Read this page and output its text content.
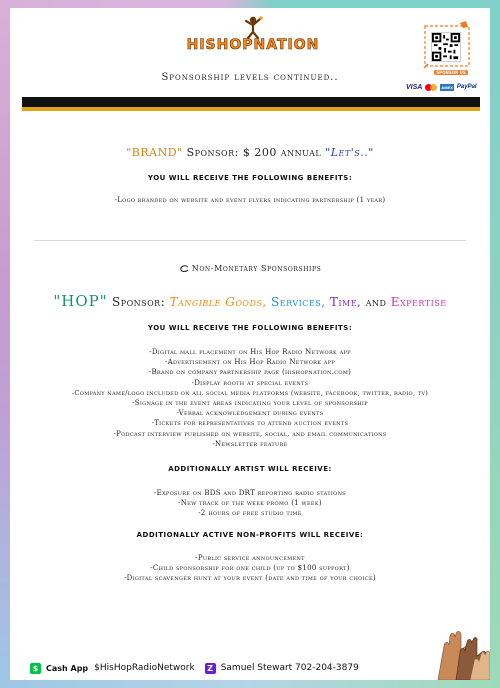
HISHOPNATION
Sponsorship levels continued..	SPONSOR US
VISA	AMEX PayPal
"BRAND" Sponsor: $ 200 annual "Let's.."
YOU WILL RECEIVE THE FOLLOWING BENEFITS:
-Logo branded on website and event flyers indicating partnership (1 year)
Non-Monetary Sponsorships
"HOP" Sponsor: Tangible Goods, Services, Time, and Expertise
YOU WILL RECEIVE THE FOLLOWING BENEFITS:
-Digital mall placement on His Hop Radio Network app
-Advertisement on His Hop Radio Network app
-Brand on company partnership page (hishopnation.com)
-Display booth at special events
-Company name/logo included on all social media platforms (website, facebook, twitter, radio, tv)
-Signage in the event areas indicating your level of sponsorship
-Verbal acknowledgement during events
-Tickets for representatives to attend auction events
-Podcast interview published on website, social, and email communications
-Newsletter feature
ADDITIONALLY ARTIST WILL RECEIVE:
-Exposure on BDS and DRT reporting radio stations
-New track of the week promo (1 week)
-2 hours of free studio time
ADDITIONALLY ACTIVE NON-PROFITS WILL RECEIVE:
-Public service announcement
-Child sponsorship for one child (up to $100 support)
-Digital scavenger hunt at your event (date and time of your choice)
$ Cash App $HisHopRadioNetwork	Z Samuel Stewart 702-204-3879
